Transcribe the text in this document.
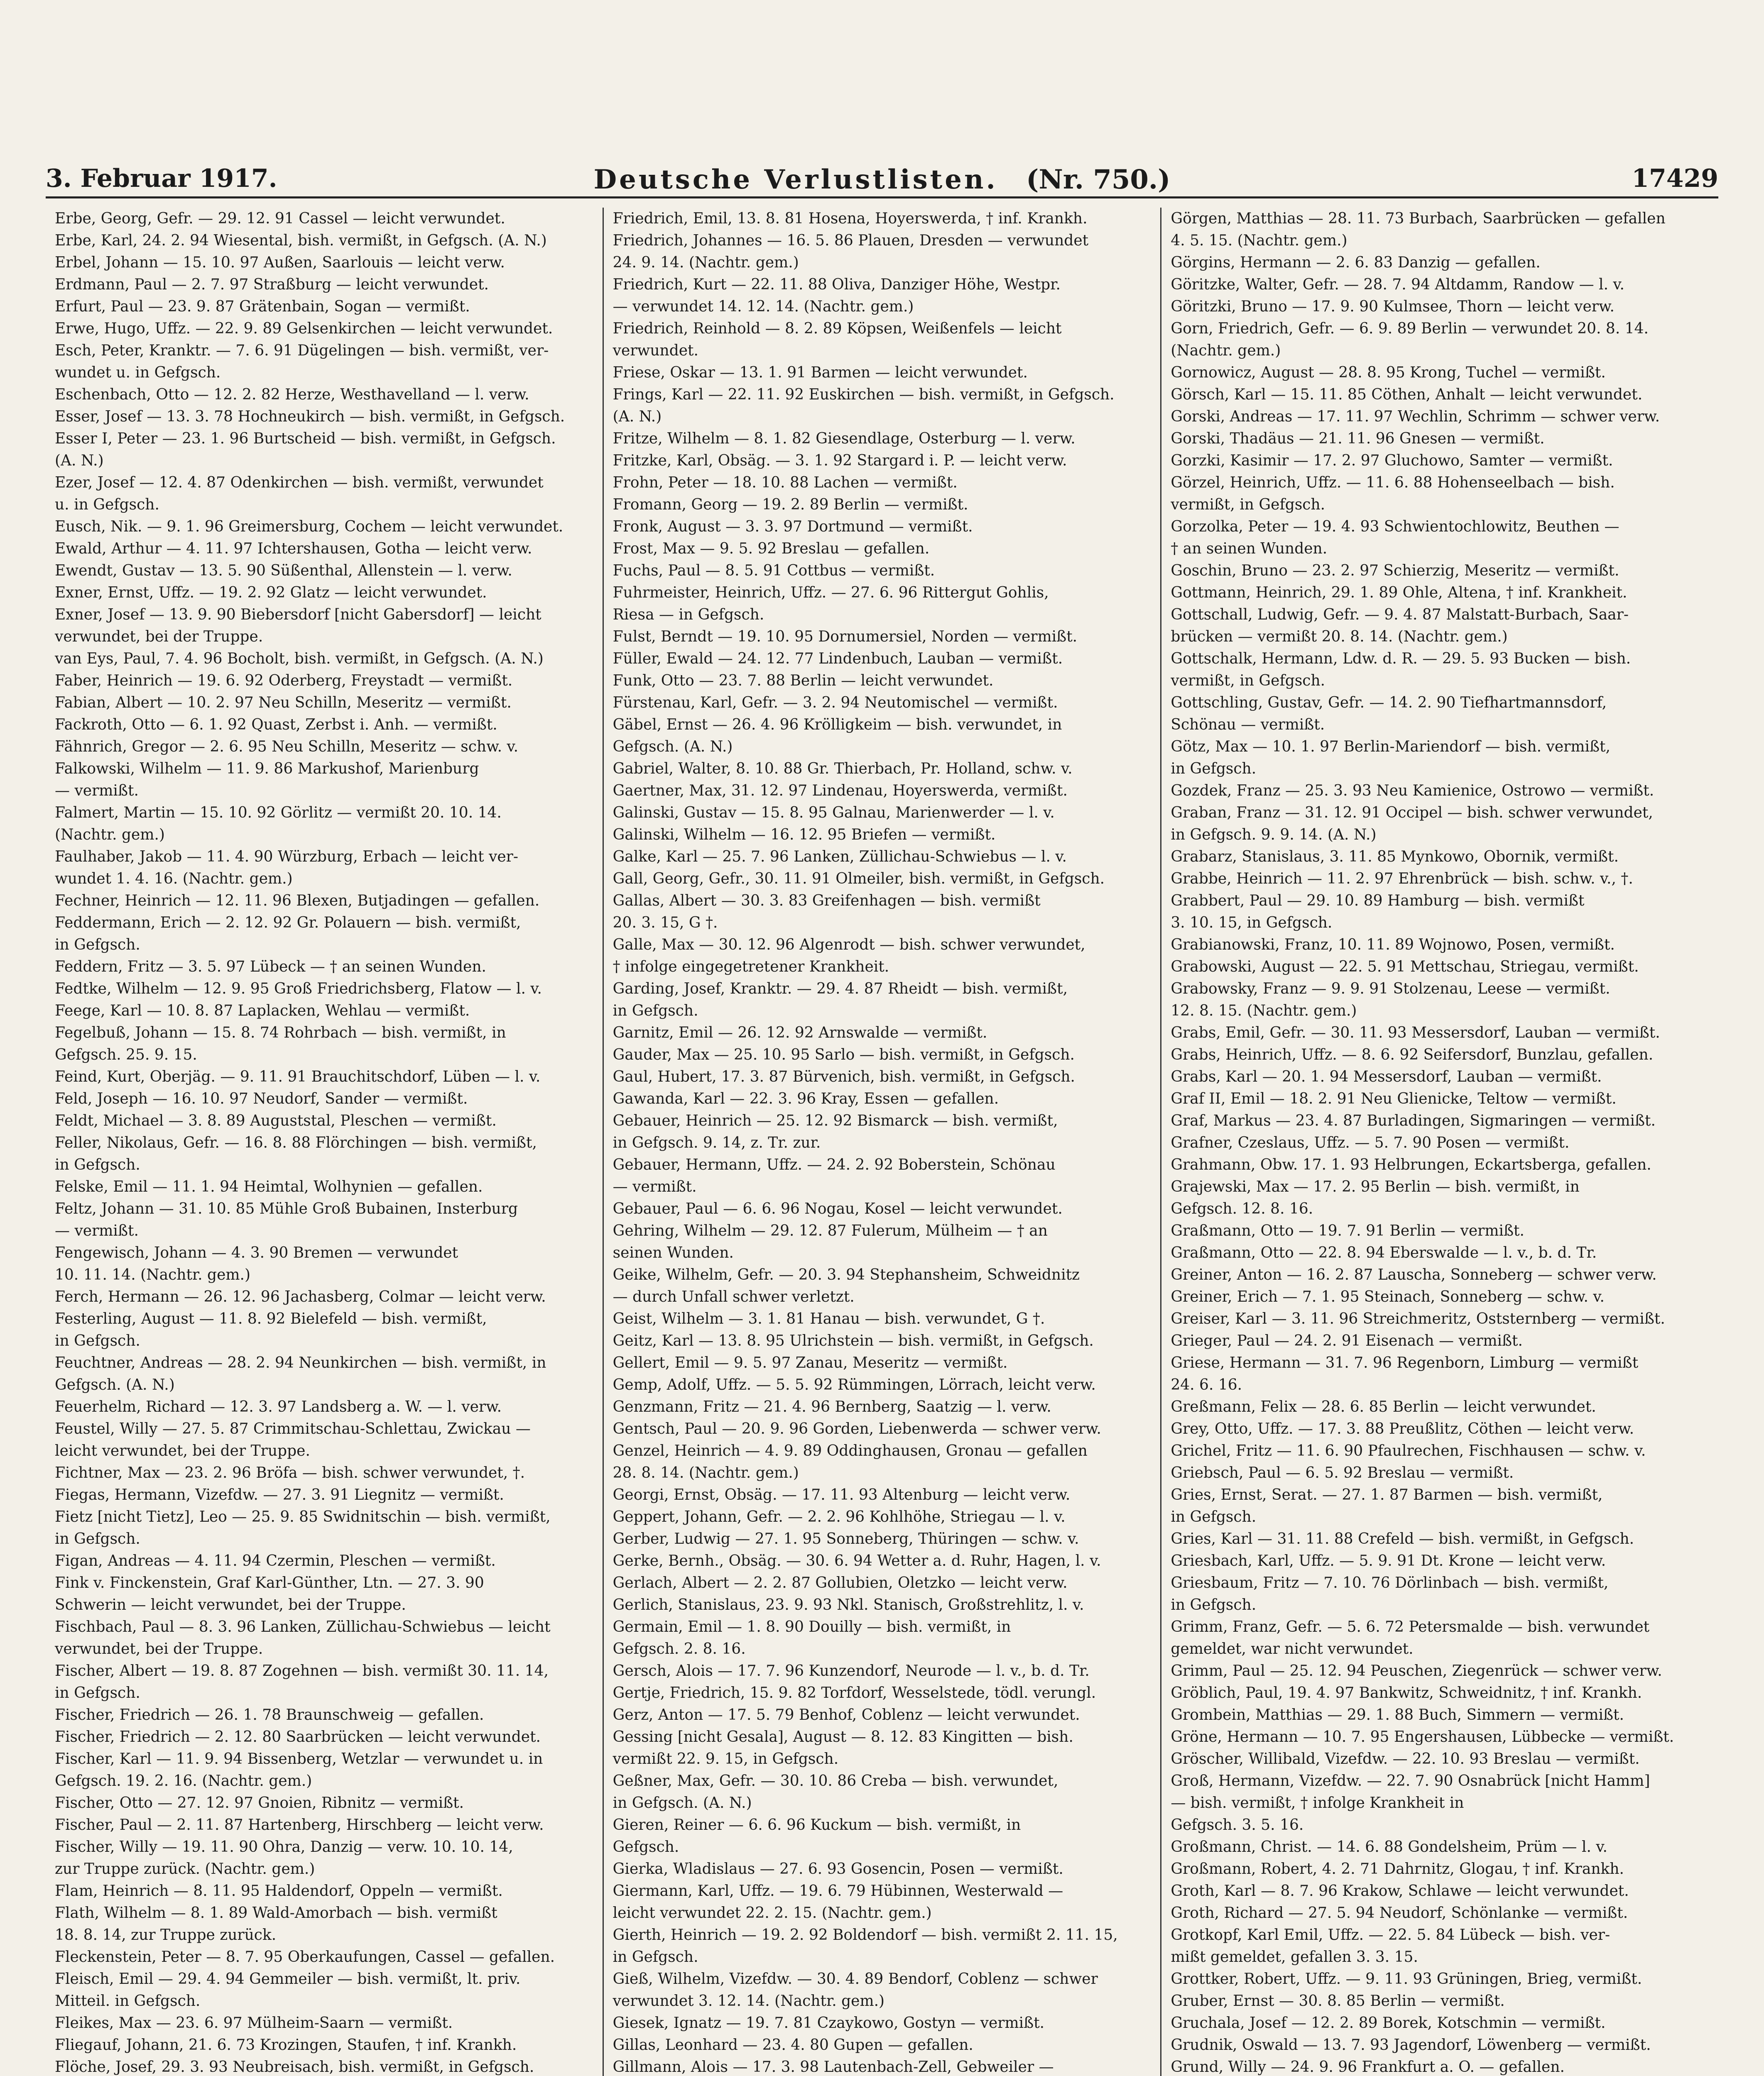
3. Februar 1917.	Deutsche Verlustlisten. (Nr. 750.)	17429
Erbe, Georg, Gefr. — 29. 12. 91 Cassel — leicht verwundet.
Erbe, Karl, 24. 2. 94 Wiesental, bish. vermißt, in Gefgsch. (A. N.)
Erbel, Johann — 15. 10. 97 Außen, Saarlouis — leicht verw.
Erdmann, Paul — 2. 7. 97 Straßburg — leicht verwundet.
Erfurt, Paul — 23. 9. 87 Grätenbain, Sogan — vermißt.
Erwe, Hugo, Uffz. — 22. 9. 89 Gelsenkirchen — leicht verwundet.
Esch, Peter, Kranktr. — 7. 6. 91 Dügelingen — bish. vermißt, ver-
wundet u. in Gefgsch.
Eschenbach, Otto — 12. 2. 82 Herze, Westhavelland — l. verw.
Esser, Josef — 13. 3. 78 Hochneukirch — bish. vermißt, in Gefgsch.
Esser I, Peter — 23. 1. 96 Burtscheid — bish. vermißt, in Gefgsch.
(A. N.)
Ezer, Josef — 12. 4. 87 Odenkirchen — bish. vermißt, verwundet
u. in Gefgsch.
Eusch, Nik. — 9. 1. 96 Greimersburg, Cochem — leicht verwundet.
Ewald, Arthur — 4. 11. 97 Ichtershausen, Gotha — leicht verw.
Ewendt, Gustav — 13. 5. 90 Süßenthal, Allenstein — l. verw.
Exner, Ernst, Uffz. — 19. 2. 92 Glatz — leicht verwundet.
Exner, Josef — 13. 9. 90 Biebersdorf [nicht Gabersdorf] — leicht
verwundet, bei der Truppe.
van Eys, Paul, 7. 4. 96 Bocholt, bish. vermißt, in Gefgsch. (A. N.)
Faber, Heinrich — 19. 6. 92 Oderberg, Freystadt — vermißt.
Fabian, Albert — 10. 2. 97 Neu Schilln, Meseritz — vermißt.
Fackroth, Otto — 6. 1. 92 Quast, Zerbst i. Anh. — vermißt.
Fähnrich, Gregor — 2. 6. 95 Neu Schilln, Meseritz — schw. v.
Falkowski, Wilhelm — 11. 9. 86 Markushof, Marienburg
— vermißt.
Falmert, Martin — 15. 10. 92 Görlitz — vermißt 20. 10. 14.
(Nachtr. gem.)
Faulhaber, Jakob — 11. 4. 90 Würzburg, Erbach — leicht ver-
wundet 1. 4. 16. (Nachtr. gem.)
Fechner, Heinrich — 12. 11. 96 Blexen, Butjadingen — gefallen.
Feddermann, Erich — 2. 12. 92 Gr. Polauern — bish. vermißt,
in Gefgsch.
Feddern, Fritz — 3. 5. 97 Lübeck — † an seinen Wunden.
Fedtke, Wilhelm — 12. 9. 95 Groß Friedrichsberg, Flatow — l. v.
Feege, Karl — 10. 8. 87 Laplacken, Wehlau — vermißt.
Fegelbuß, Johann — 15. 8. 74 Rohrbach — bish. vermißt, in
Gefgsch. 25. 9. 15.
Feind, Kurt, Oberjäg. — 9. 11. 91 Brauchitschdorf, Lüben — l. v.
Feld, Joseph — 16. 10. 97 Neudorf, Sander — vermißt.
Feldt, Michael — 3. 8. 89 Auguststal, Pleschen — vermißt.
Feller, Nikolaus, Gefr. — 16. 8. 88 Flörchingen — bish. vermißt,
in Gefgsch.
Felske, Emil — 11. 1. 94 Heimtal, Wolhynien — gefallen.
Feltz, Johann — 31. 10. 85 Mühle Groß Bubainen, Insterburg
— vermißt.
Fengewisch, Johann — 4. 3. 90 Bremen — verwundet
10. 11. 14. (Nachtr. gem.)
Ferch, Hermann — 26. 12. 96 Jachasberg, Colmar — leicht verw.
Festerling, August — 11. 8. 92 Bielefeld — bish. vermißt,
in Gefgsch.
Feuchtner, Andreas — 28. 2. 94 Neunkirchen — bish. vermißt, in
Gefgsch. (A. N.)
Feuerhelm, Richard — 12. 3. 97 Landsberg a. W. — l. verw.
Feustel, Willy — 27. 5. 87 Crimmitschau-Schlettau, Zwickau —
leicht verwundet, bei der Truppe.
Fichtner, Max — 23. 2. 96 Bröfa — bish. schwer verwundet, †.
Fiegas, Hermann, Vizefdw. — 27. 3. 91 Liegnitz — vermißt.
Fietz [nicht Tietz], Leo — 25. 9. 85 Swidnitschin — bish. vermißt,
in Gefgsch.
Figan, Andreas — 4. 11. 94 Czermin, Pleschen — vermißt.
Fink v. Finckenstein, Graf Karl-Günther, Ltn. — 27. 3. 90
Schwerin — leicht verwundet, bei der Truppe.
Fischbach, Paul — 8. 3. 96 Lanken, Züllichau-Schwiebus — leicht
verwundet, bei der Truppe.
Fischer, Albert — 19. 8. 87 Zogehnen — bish. vermißt 30. 11. 14,
in Gefgsch.
Fischer, Friedrich — 26. 1. 78 Braunschweig — gefallen.
Fischer, Friedrich — 2. 12. 80 Saarbrücken — leicht verwundet.
Fischer, Karl — 11. 9. 94 Bissenberg, Wetzlar — verwundet u. in
Gefgsch. 19. 2. 16. (Nachtr. gem.)
Fischer, Otto — 27. 12. 97 Gnoien, Ribnitz — vermißt.
Fischer, Paul — 2. 11. 87 Hartenberg, Hirschberg — leicht verw.
Fischer, Willy — 19. 11. 90 Ohra, Danzig — verw. 10. 10. 14,
zur Truppe zurück. (Nachtr. gem.)
Flam, Heinrich — 8. 11. 95 Haldendorf, Oppeln — vermißt.
Flath, Wilhelm — 8. 1. 89 Wald-Amorbach — bish. vermißt
18. 8. 14, zur Truppe zurück.
Fleckenstein, Peter — 8. 7. 95 Oberkaufungen, Cassel — gefallen.
Fleisch, Emil — 29. 4. 94 Gemmeiler — bish. vermißt, lt. priv.
Mitteil. in Gefgsch.
Fleikes, Max — 23. 6. 97 Mülheim-Saarn — vermißt.
Fliegauf, Johann, 21. 6. 73 Krozingen, Staufen, † inf. Krankh.
Flöche, Josef, 29. 3. 93 Neubreisach, bish. vermißt, in Gefgsch.
Friedrich, Emil, 13. 8. 81 Hosena, Hoyerswerda, † inf. Krankh.
Friedrich, Johannes — 16. 5. 86 Plauen, Dresden — verwundet
24. 9. 14. (Nachtr. gem.)
Friedrich, Kurt — 22. 11. 88 Oliva, Danziger Höhe, Westpr.
— verwundet 14. 12. 14. (Nachtr. gem.)
Friedrich, Reinhold — 8. 2. 89 Köpsen, Weißenfels — leicht
verwundet.
Friese, Oskar — 13. 1. 91 Barmen — leicht verwundet.
Frings, Karl — 22. 11. 92 Euskirchen — bish. vermißt, in Gefgsch.
(A. N.)
Fritze, Wilhelm — 8. 1. 82 Giesendlage, Osterburg — l. verw.
Fritzke, Karl, Obsäg. — 3. 1. 92 Stargard i. P. — leicht verw.
Frohn, Peter — 18. 10. 88 Lachen — vermißt.
Fromann, Georg — 19. 2. 89 Berlin — vermißt.
Fronk, August — 3. 3. 97 Dortmund — vermißt.
Frost, Max — 9. 5. 92 Breslau — gefallen.
Fuchs, Paul — 8. 5. 91 Cottbus — vermißt.
Fuhrmeister, Heinrich, Uffz. — 27. 6. 96 Rittergut Gohlis,
Riesa — in Gefgsch.
Fulst, Berndt — 19. 10. 95 Dornumersiel, Norden — vermißt.
Füller, Ewald — 24. 12. 77 Lindenbuch, Lauban — vermißt.
Funk, Otto — 23. 7. 88 Berlin — leicht verwundet.
Fürstenau, Karl, Gefr. — 3. 2. 94 Neutomischel — vermißt.
Gäbel, Ernst — 26. 4. 96 Krölligkeim — bish. verwundet, in
Gefgsch. (A. N.)
Gabriel, Walter, 8. 10. 88 Gr. Thierbach, Pr. Holland, schw. v.
Gaertner, Max, 31. 12. 97 Lindenau, Hoyerswerda, vermißt.
Galinski, Gustav — 15. 8. 95 Galnau, Marienwerder — l. v.
Galinski, Wilhelm — 16. 12. 95 Briefen — vermißt.
Galke, Karl — 25. 7. 96 Lanken, Züllichau-Schwiebus — l. v.
Gall, Georg, Gefr., 30. 11. 91 Olmeiler, bish. vermißt, in Gefgsch.
Gallas, Albert — 30. 3. 83 Greifenhagen — bish. vermißt
20. 3. 15, G †.
Galle, Max — 30. 12. 96 Algenrodt — bish. schwer verwundet,
† infolge eingegetretener Krankheit.
Garding, Josef, Kranktr. — 29. 4. 87 Rheidt — bish. vermißt,
in Gefgsch.
Garnitz, Emil — 26. 12. 92 Arnswalde — vermißt.
Gauder, Max — 25. 10. 95 Sarlo — bish. vermißt, in Gefgsch.
Gaul, Hubert, 17. 3. 87 Bürvenich, bish. vermißt, in Gefgsch.
Gawanda, Karl — 22. 3. 96 Kray, Essen — gefallen.
Gebauer, Heinrich — 25. 12. 92 Bismarck — bish. vermißt,
in Gefgsch. 9. 14, z. Tr. zur.
Gebauer, Hermann, Uffz. — 24. 2. 92 Boberstein, Schönau
— vermißt.
Gebauer, Paul — 6. 6. 96 Nogau, Kosel — leicht verwundet.
Gehring, Wilhelm — 29. 12. 87 Fulerum, Mülheim — † an
seinen Wunden.
Geike, Wilhelm, Gefr. — 20. 3. 94 Stephansheim, Schweidnitz
— durch Unfall schwer verletzt.
Geist, Wilhelm — 3. 1. 81 Hanau — bish. verwundet, G †.
Geitz, Karl — 13. 8. 95 Ulrichstein — bish. vermißt, in Gefgsch.
Gellert, Emil — 9. 5. 97 Zanau, Meseritz — vermißt.
Gemp, Adolf, Uffz. — 5. 5. 92 Rümmingen, Lörrach, leicht verw.
Genzmann, Fritz — 21. 4. 96 Bernberg, Saatzig — l. verw.
Gentsch, Paul — 20. 9. 96 Gorden, Liebenwerda — schwer verw.
Genzel, Heinrich — 4. 9. 89 Oddinghausen, Gronau — gefallen
28. 8. 14. (Nachtr. gem.)
Georgi, Ernst, Obsäg. — 17. 11. 93 Altenburg — leicht verw.
Geppert, Johann, Gefr. — 2. 2. 96 Kohlhöhe, Striegau — l. v.
Gerber, Ludwig — 27. 1. 95 Sonneberg, Thüringen — schw. v.
Gerke, Bernh., Obsäg. — 30. 6. 94 Wetter a. d. Ruhr, Hagen, l. v.
Gerlach, Albert — 2. 2. 87 Gollubien, Oletzko — leicht verw.
Gerlich, Stanislaus, 23. 9. 93 Nkl. Stanisch, Großstrehlitz, l. v.
Germain, Emil — 1. 8. 90 Douilly — bish. vermißt, in
Gefgsch. 2. 8. 16.
Gersch, Alois — 17. 7. 96 Kunzendorf, Neurode — l. v., b. d. Tr.
Gertje, Friedrich, 15. 9. 82 Torfdorf, Wesselstede, tödl. verungl.
Gerz, Anton — 17. 5. 79 Benhof, Coblenz — leicht verwundet.
Gessing [nicht Gesala], August — 8. 12. 83 Kingitten — bish.
vermißt 22. 9. 15, in Gefgsch.
Geßner, Max, Gefr. — 30. 10. 86 Creba — bish. verwundet,
in Gefgsch. (A. N.)
Gieren, Reiner — 6. 6. 96 Kuckum — bish. vermißt, in
Gefgsch.
Gierka, Wladislaus — 27. 6. 93 Gosencin, Posen — vermißt.
Giermann, Karl, Uffz. — 19. 6. 79 Hübinnen, Westerwald —
leicht verwundet 22. 2. 15. (Nachtr. gem.)
Gierth, Heinrich — 19. 2. 92 Boldendorf — bish. vermißt 2. 11. 15,
in Gefgsch.
Gieß, Wilhelm, Vizefdw. — 30. 4. 89 Bendorf, Coblenz — schwer
verwundet 3. 12. 14. (Nachtr. gem.)
Giesek, Ignatz — 19. 7. 81 Czaykowo, Gostyn — vermißt.
Gillas, Leonhard — 23. 4. 80 Gupen — gefallen.
Gillmann, Alois — 17. 3. 98 Lautenbach-Zell, Gebweiler —
Görgen, Matthias — 28. 11. 73 Burbach, Saarbrücken — gefallen
4. 5. 15. (Nachtr. gem.)
Görgins, Hermann — 2. 6. 83 Danzig — gefallen.
Göritzke, Walter, Gefr. — 28. 7. 94 Altdamm, Randow — l. v.
Göritzki, Bruno — 17. 9. 90 Kulmsee, Thorn — leicht verw.
Gorn, Friedrich, Gefr. — 6. 9. 89 Berlin — verwundet 20. 8. 14.
(Nachtr. gem.)
Gornowicz, August — 28. 8. 95 Krong, Tuchel — vermißt.
Görsch, Karl — 15. 11. 85 Cöthen, Anhalt — leicht verwundet.
Gorski, Andreas — 17. 11. 97 Wechlin, Schrimm — schwer verw.
Gorski, Thadäus — 21. 11. 96 Gnesen — vermißt.
Gorzki, Kasimir — 17. 2. 97 Gluchowo, Samter — vermißt.
Görzel, Heinrich, Uffz. — 11. 6. 88 Hohenseelbach — bish.
vermißt, in Gefgsch.
Gorzolka, Peter — 19. 4. 93 Schwientochlowitz, Beuthen —
† an seinen Wunden.
Goschin, Bruno — 23. 2. 97 Schierzig, Meseritz — vermißt.
Gottmann, Heinrich, 29. 1. 89 Ohle, Altena, † inf. Krankheit.
Gottschall, Ludwig, Gefr. — 9. 4. 87 Malstatt-Burbach, Saar-
brücken — vermißt 20. 8. 14. (Nachtr. gem.)
Gottschalk, Hermann, Ldw. d. R. — 29. 5. 93 Bucken — bish.
vermißt, in Gefgsch.
Gottschling, Gustav, Gefr. — 14. 2. 90 Tiefhartmannsdorf,
Schönau — vermißt.
Götz, Max — 10. 1. 97 Berlin-Mariendorf — bish. vermißt,
in Gefgsch.
Gozdek, Franz — 25. 3. 93 Neu Kamienice, Ostrowo — vermißt.
Graban, Franz — 31. 12. 91 Occipel — bish. schwer verwundet,
in Gefgsch. 9. 9. 14. (A. N.)
Grabarz, Stanislaus, 3. 11. 85 Mynkowo, Obornik, vermißt.
Grabbe, Heinrich — 11. 2. 97 Ehrenbrück — bish. schw. v., †.
Grabbert, Paul — 29. 10. 89 Hamburg — bish. vermißt
3. 10. 15, in Gefgsch.
Grabianowski, Franz, 10. 11. 89 Wojnowo, Posen, vermißt.
Grabowski, August — 22. 5. 91 Mettschau, Striegau, vermißt.
Grabowsky, Franz — 9. 9. 91 Stolzenau, Leese — vermißt.
12. 8. 15. (Nachtr. gem.)
Grabs, Emil, Gefr. — 30. 11. 93 Messersdorf, Lauban — vermißt.
Grabs, Heinrich, Uffz. — 8. 6. 92 Seifersdorf, Bunzlau, gefallen.
Grabs, Karl — 20. 1. 94 Messersdorf, Lauban — vermißt.
Graf II, Emil — 18. 2. 91 Neu Glienicke, Teltow — vermißt.
Graf, Markus — 23. 4. 87 Burladingen, Sigmaringen — vermißt.
Grafner, Czeslaus, Uffz. — 5. 7. 90 Posen — vermißt.
Grahmann, Obw. 17. 1. 93 Helbrungen, Eckartsberga, gefallen.
Grajewski, Max — 17. 2. 95 Berlin — bish. vermißt, in
Gefgsch. 12. 8. 16.
Graßmann, Otto — 19. 7. 91 Berlin — vermißt.
Graßmann, Otto — 22. 8. 94 Eberswalde — l. v., b. d. Tr.
Greiner, Anton — 16. 2. 87 Lauscha, Sonneberg — schwer verw.
Greiner, Erich — 7. 1. 95 Steinach, Sonneberg — schw. v.
Greiser, Karl — 3. 11. 96 Streichmeritz, Oststernberg — vermißt.
Grieger, Paul — 24. 2. 91 Eisenach — vermißt.
Griese, Hermann — 31. 7. 96 Regenborn, Limburg — vermißt
24. 6. 16.
Greßmann, Felix — 28. 6. 85 Berlin — leicht verwundet.
Grey, Otto, Uffz. — 17. 3. 88 Preußlitz, Cöthen — leicht verw.
Grichel, Fritz — 11. 6. 90 Pfaulrechen, Fischhausen — schw. v.
Griebsch, Paul — 6. 5. 92 Breslau — vermißt.
Gries, Ernst, Serat. — 27. 1. 87 Barmen — bish. vermißt,
in Gefgsch.
Gries, Karl — 31. 11. 88 Crefeld — bish. vermißt, in Gefgsch.
Griesbach, Karl, Uffz. — 5. 9. 91 Dt. Krone — leicht verw.
Griesbaum, Fritz — 7. 10. 76 Dörlinbach — bish. vermißt,
in Gefgsch.
Grimm, Franz, Gefr. — 5. 6. 72 Petersmalde — bish. verwundet
gemeldet, war nicht verwundet.
Grimm, Paul — 25. 12. 94 Peuschen, Ziegenrück — schwer verw.
Gröblich, Paul, 19. 4. 97 Bankwitz, Schweidnitz, † inf. Krankh.
Grombein, Matthias — 29. 1. 88 Buch, Simmern — vermißt.
Gröne, Hermann — 10. 7. 95 Engershausen, Lübbecke — vermißt.
Gröscher, Willibald, Vizefdw. — 22. 10. 93 Breslau — vermißt.
Groß, Hermann, Vizefdw. — 22. 7. 90 Osnabrück [nicht Hamm]
— bish. vermißt, † infolge Krankheit in
Gefgsch. 3. 5. 16.
Großmann, Christ. — 14. 6. 88 Gondelsheim, Prüm — l. v.
Großmann, Robert, 4. 2. 71 Dahrnitz, Glogau, † inf. Krankh.
Groth, Karl — 8. 7. 96 Krakow, Schlawe — leicht verwundet.
Groth, Richard — 27. 5. 94 Neudorf, Schönlanke — vermißt.
Grotkopf, Karl Emil, Uffz. — 22. 5. 84 Lübeck — bish. ver-
mißt gemeldet, gefallen 3. 3. 15.
Grottker, Robert, Uffz. — 9. 11. 93 Grüningen, Brieg, vermißt.
Gruber, Ernst — 30. 8. 85 Berlin — vermißt.
Gruchala, Josef — 12. 2. 89 Borek, Kotschmin — vermißt.
Grudnik, Oswald — 13. 7. 93 Jagendorf, Löwenberg — vermißt.
Grund, Willy — 24. 9. 96 Frankfurt a. O. — gefallen.
